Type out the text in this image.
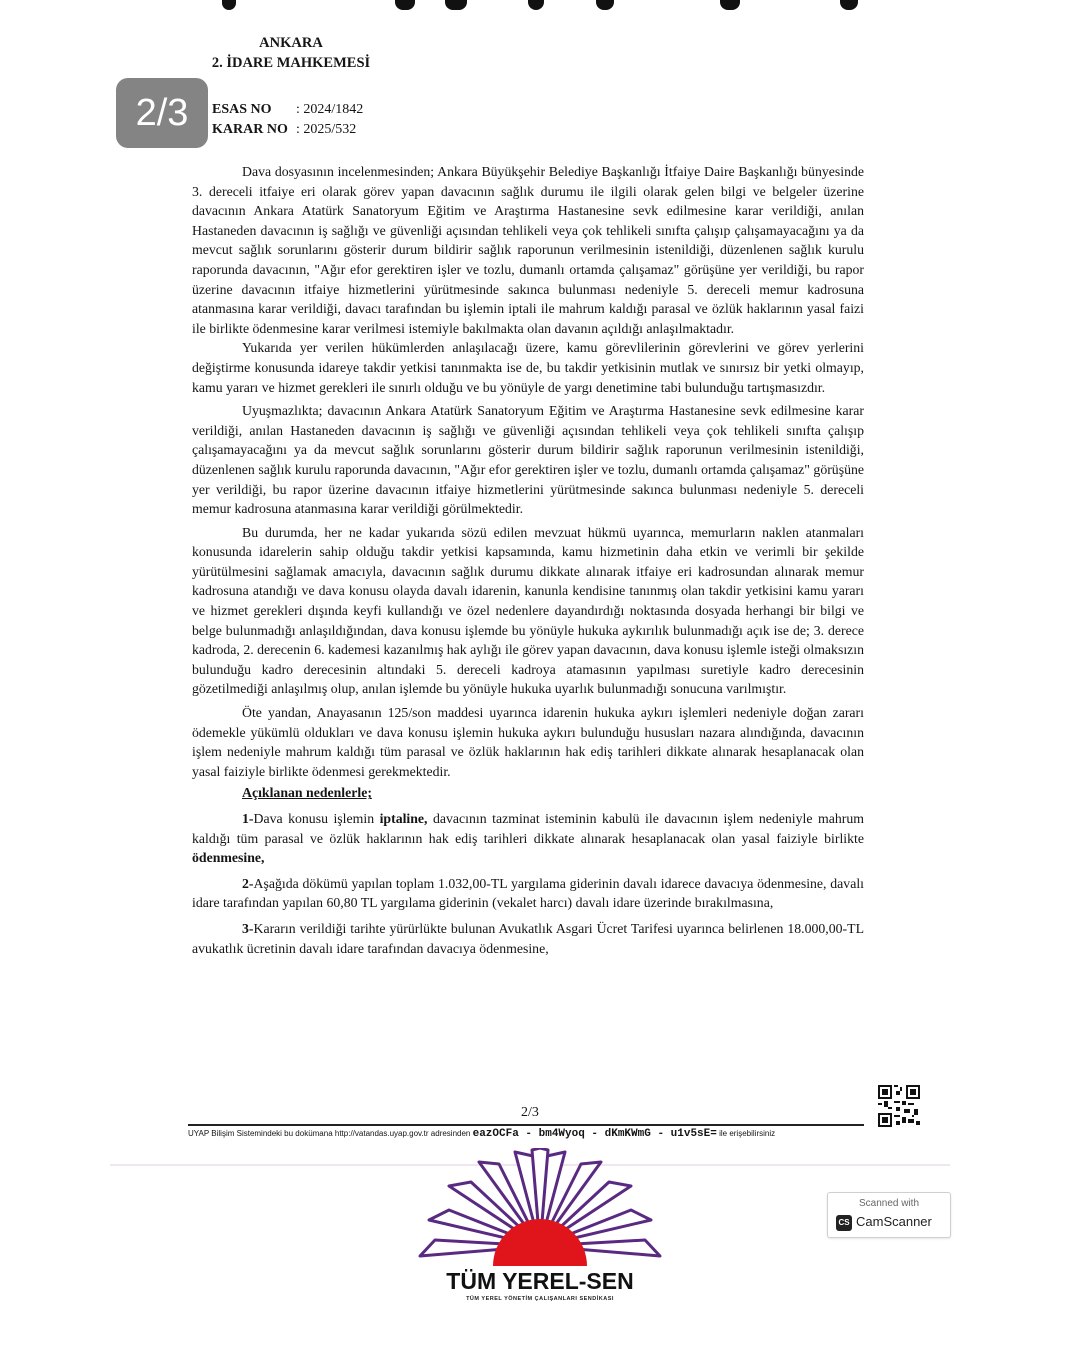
ANKARA
2. İDARE MAHKEMESİ
ESAS NO	: 2024/1842
KARAR NO : 2025/532
2/3

Dava dosyasının incelenmesinden; Ankara Büyükşehir Belediye Başkanlığı İtfaiye Daire Başkanlığı bünyesinde 3. dereceli itfaiye eri olarak görev yapan davacının sağlık durumu ile ilgili olarak gelen bilgi ve belgeler üzerine davacının Ankara Atatürk Sanatoryum Eğitim ve Araştırma Hastanesine sevk edilmesine karar verildiği, anılan Hastaneden davacının iş sağlığı ve güvenliği açısından tehlikeli veya çok tehlikeli sınıfta çalışıp çalışamayacağını ya da mevcut sağlık sorunlarını gösterir durum bildirir sağlık raporunun verilmesinin istenildiği, düzenlenen sağlık kurulu raporunda davacının, "Ağır efor gerektiren işler ve tozlu, dumanlı ortamda çalışamaz" görüşüne yer verildiği, bu rapor üzerine davacının itfaiye hizmetlerini yürütmesinde sakınca bulunması nedeniyle 5. dereceli memur kadrosuna atanmasına karar verildiği, davacı tarafından bu işlemin iptali ile mahrum kaldığı parasal ve özlük haklarının yasal faizi ile birlikte ödenmesine karar verilmesi istemiyle bakılmakta olan davanın açıldığı anlaşılmaktadır.

Yukarıda yer verilen hükümlerden anlaşılacağı üzere, kamu görevlilerinin görevlerini ve görev yerlerini değiştirme konusunda idareye takdir yetkisi tanınmakta ise de, bu takdir yetkisinin mutlak ve sınırsız bir yetki olmayıp, kamu yararı ve hizmet gerekleri ile sınırlı olduğu ve bu yönüyle de yargı denetimine tabi bulunduğu tartışmasızdır.

Uyuşmazlıkta; davacının Ankara Atatürk Sanatoryum Eğitim ve Araştırma Hastanesine sevk edilmesine karar verildiği, anılan Hastaneden davacının iş sağlığı ve güvenliği açısından tehlikeli veya çok tehlikeli sınıfta çalışıp çalışamayacağını ya da mevcut sağlık sorunlarını gösterir durum bildirir sağlık raporunun verilmesinin istenildiği, düzenlenen sağlık kurulu raporunda davacının, "Ağır efor gerektiren işler ve tozlu, dumanlı ortamda çalışamaz" görüşüne yer verildiği, bu rapor üzerine davacının itfaiye hizmetlerini yürütmesinde sakınca bulunması nedeniyle 5. dereceli memur kadrosuna atanmasına karar verildiği görülmektedir.

Bu durumda, her ne kadar yukarıda sözü edilen mevzuat hükmü uyarınca, memurların naklen atanmaları konusunda idarelerin sahip olduğu takdir yetkisi kapsamında, kamu hizmetinin daha etkin ve verimli bir şekilde yürütülmesini sağlamak amacıyla, davacının sağlık durumu dikkate alınarak itfaiye eri kadrosundan alınarak memur kadrosuna atandığı ve dava konusu olayda davalı idarenin, kanunla kendisine tanınmış olan takdir yetkisini kamu yararı ve hizmet gerekleri dışında keyfi kullandığı ve özel nedenlere dayandırdığı noktasında dosyada herhangi bir bilgi ve belge bulunmadığı anlaşıldığından, dava konusu işlemde bu yönüyle hukuka aykırılık bulunmadığı açık ise de; 3. derece kadroda, 2. derecenin 6. kademesi kazanılmış hak aylığı ile görev yapan davacının, dava konusu işlemle isteği olmaksızın bulunduğu kadro derecesinin altındaki 5. dereceli kadroya atamasının yapılması suretiyle kadro derecesinin gözetilmediği anlaşılmış olup, anılan işlemde bu yönüyle hukuka uyarlık bulunmadığı sonucuna varılmıştır.

Öte yandan, Anayasanın 125/son maddesi uyarınca idarenin hukuka aykırı işlemleri nedeniyle doğan zararı ödemekle yükümlü oldukları ve dava konusu işlemin hukuka aykırı bulunduğu hususları nazara alındığında, davacının işlem nedeniyle mahrum kaldığı tüm parasal ve özlük haklarının hak ediş tarihleri dikkate alınarak hesaplanacak olan yasal faiziyle birlikte ödenmesi gerekmektedir.

Açıklanan nedenlerle;

1-Dava konusu işlemin iptaline, davacının tazminat isteminin kabulü ile davacının işlem nedeniyle mahrum kaldığı tüm parasal ve özlük haklarının hak ediş tarihleri dikkate alınarak hesaplanacak olan yasal faiziyle birlikte ödenmesine,

2-Aşağıda dökümü yapılan toplam 1.032,00-TL yargılama giderinin davalı idarece davacıya ödenmesine, davalı idare tarafından yapılan 60,80 TL yargılama giderinin (vekalet harcı) davalı idare üzerinde bırakılmasına,

3-Kararın verildiği tarihte yürürlükte bulunan Avukatlık Asgari Ücret Tarifesi uyarınca belirlenen 18.000,00-TL avukatlık ücretinin davalı idare tarafından davacıya ödenmesine,

2/3
UYAP Bilişim Sistemindeki bu dokümana http://vatandas.uyap.gov.tr adresinden eazOCFa - bm4Wyoq - dKmKWmG - u1v5sE= ile erişebilirsiniz
TÜM YEREL-SEN
TÜM YEREL YÖNETİM ÇALIŞANLARI SENDİKASI
Scanned with
CS CamScanner
